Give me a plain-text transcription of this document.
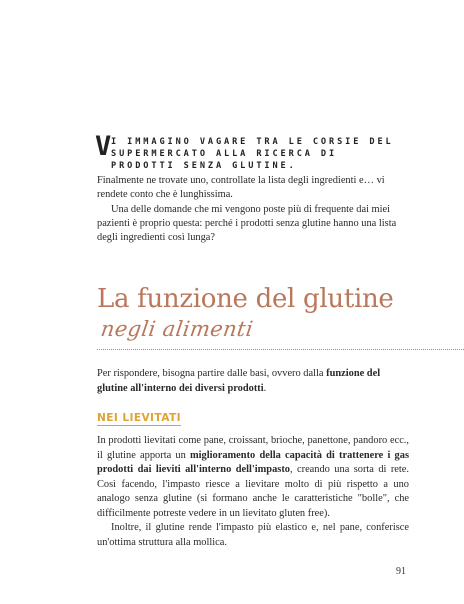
V I IMMAGINO VAGARE TRA LE CORSIE DEL SUPERMERCATO ALLA RICERCA DI PRODOTTI SENZA GLUTINE.

Finalmente ne trovate uno, controllate la lista degli ingredienti e… vi rendete conto che è lunghissima.

Una delle domande che mi vengono poste più di frequente dai miei pazienti è proprio questa: perché i prodotti senza glutine hanno una lista degli ingredienti così lunga?

La funzione del glutine
negli alimenti

Per rispondere, bisogna partire dalle basi, ovvero dalla funzione del glutine all'interno dei diversi prodotti.

NEI LIEVITATI

In prodotti lievitati come pane, croissant, brioche, panettone, pandoro ecc., il glutine apporta un miglioramento della capacità di trattenere i gas prodotti dai lieviti all'interno dell'impasto, creando una sorta di rete. Così facendo, l'impasto riesce a lievitare molto di più rispetto a uno analogo senza glutine (si formano anche le caratteristiche "bolle", che difficilmente potreste vedere in un lievitato gluten free).

Inoltre, il glutine rende l'impasto più elastico e, nel pane, conferisce un'ottima struttura alla mollica.

91
